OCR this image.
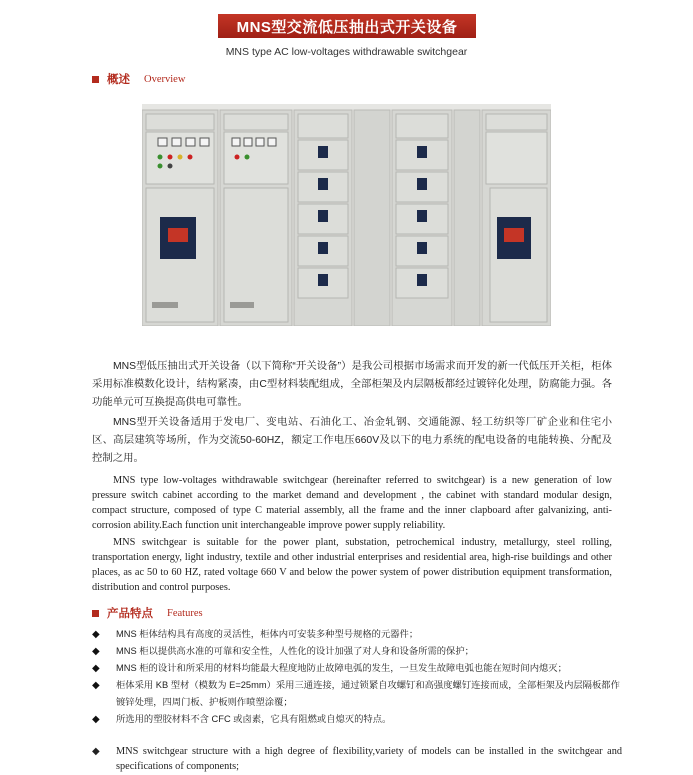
MNS型交流低压抽出式开关设备
MNS type AC low-voltages withdrawable switchgear
概述 Overview
MNS型低压抽出式开关设备（以下简称“开关设备”）是我公司根据市场需求而开发的新一代低压开关柜，柜体采用标准模数化设计，结构紧凑，由C型材料装配组成，全部柜架及内层隔板都经过镀锌化处理，防腐能力强。各功能单元可互换提高供电可靠性。
MNS型开关设备适用于发电厂、变电站、石油化工、冶金轧钢、交通能源、轻工纺织等厂矿企业和住宅小区、高层建筑等场所，作为交流50-60HZ，额定工作电压660V及以下的电力系统的配电设备的电能转换、分配及控制之用。
MNS type low-voltages withdrawable switchgear (hereinafter referred to switchgear) is a new generation of low pressure switch cabinet according to the market demand and development , the cabinet with standard modular design, compact structure, composed of type C material assembly, all the frame and the inner clapboard after galvanizing, anti-corrosion ability.Each function unit interchangeable improve power supply reliability.
MNS switchgear is suitable for the power plant, substation, petrochemical industry, metallurgy, steel rolling, transportation energy, light industry, textile and other industrial enterprises and residential area, high-rise buildings and other places, as ac 50 to 60 HZ, rated voltage 660 V and below the power system of power distribution equipment transformation, distribution and control purposes.
产品特点 Features
◆	MNS 柜体结构具有高度的灵活性，柜体内可安装多种型号规格的元器件；
◆	MNS 柜以提供高水准的可靠和安全性，人性化的设计加强了对人身和设备所需的保护；
◆	MNS 柜的设计和所采用的材料均能最大程度地防止故障电弧的发生，一旦发生故障电弧也能在短时间内熄灭；
◆	柜体采用 KB 型材（模数为 E=25mm）采用三通连接，通过锁紧自攻螺钉和高强度螺钉连接而成，全部柜架及内层隔板都作镀锌处理，四周门板、护板则作喷塑涂覆；
◆	所选用的塑胶材料不含 CFC 或卤素，它具有阻燃或自熄灭的特点。
◆	MNS switchgear structure with a high degree of flexibility,variety of models can be installed in the switchgear and specifications of components;
